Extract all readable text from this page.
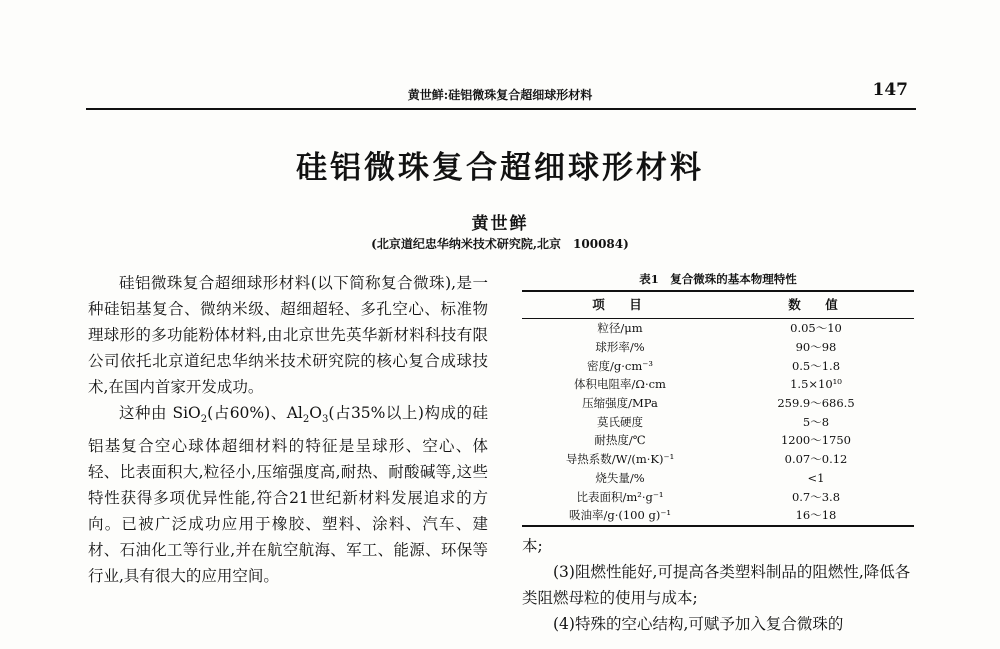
黄世鲜:硅铝微珠复合超细球形材料	147
硅铝微珠复合超细球形材料
黄世鲜
(北京道纪忠华纳米技术研究院,北京　100084)

硅铝微珠复合超细球形材料(以下简称复合微珠),是一种硅铝基复合、微纳米级、超细超轻、多孔空心、标准物理球形的多功能粉体材料,由北京世先英华新材料科技有限公司依托北京道纪忠华纳米技术研究院的核心复合成球技术,在国内首家开发成功。

这种由 SiO$_2$(占60%)、$Al_2O_3$(占35%以上)构成的硅铝基复合空心球体超细材料的特征是呈球形、空心、体轻、比表面积大,粒径小,压缩强度高,耐热、耐酸碱等,这些特性获得多项优异性能,符合21世纪新材料发展追求的方向。已被广泛成功应用于橡胶、塑料、涂料、汽车、建材、石油化工等行业,并在航空航海、军工、能源、环保等行业,具有很大的应用空间。

表1　复合微珠的基本物理特性
项　目	数　值
粒径/μm	0.05～10
球形率/%	90～98
密度/g·cm⁻³	0.5～1.8
体积电阻率/Ω·cm	1.5×10¹⁰
压缩强度/MPa	259.9～686.5
莫氏硬度	5～8
耐热度/℃	1200～1750
导热系数/W/(m·K)⁻¹	0.07～0.12
烧失量/%	<1
比表面积/m²·g⁻¹	0.7～3.8
吸油率/g·(100 g)⁻¹	16～18

本;

(3)阻燃性能好,可提高各类塑料制品的阻燃性,降低各类阻燃母粒的使用与成本;

(4)特殊的空心结构,可赋予加入复合微珠的
